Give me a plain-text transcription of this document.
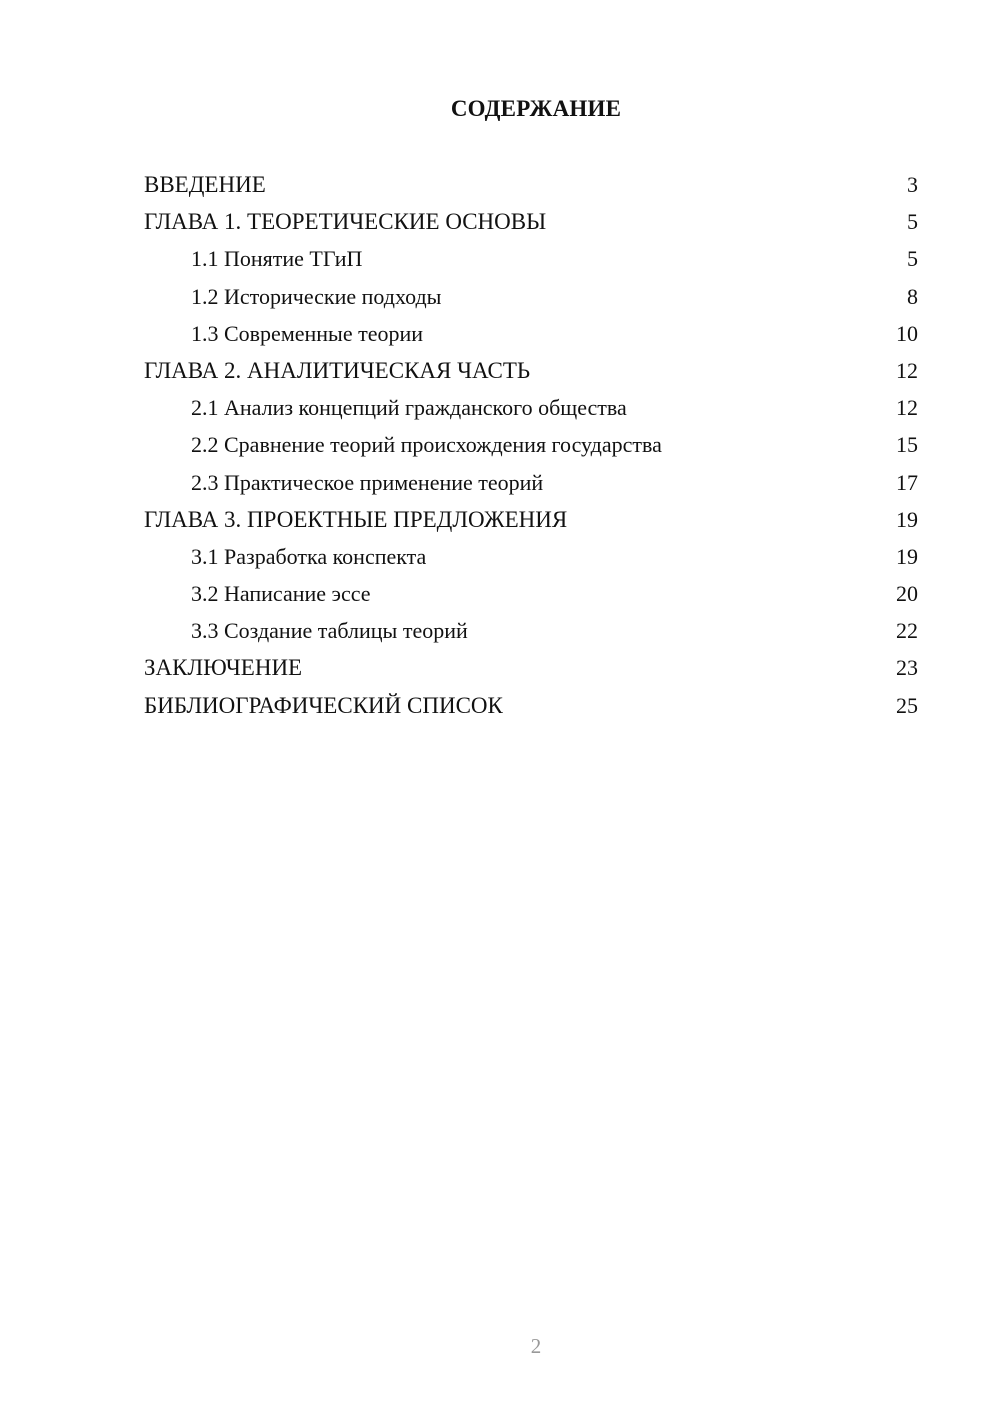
СОДЕРЖАНИЕ
ВВЕДЕНИЕ	3
ГЛАВА 1. ТЕОРЕТИЧЕСКИЕ ОСНОВЫ	5
1.1 Понятие ТГиП	5
1.2 Исторические подходы	8
1.3 Современные теории	10
ГЛАВА 2. АНАЛИТИЧЕСКАЯ ЧАСТЬ	12
2.1 Анализ концепций гражданского общества	12
2.2 Сравнение теорий происхождения государства	15
2.3 Практическое применение теорий	17
ГЛАВА 3. ПРОЕКТНЫЕ ПРЕДЛОЖЕНИЯ	19
3.1 Разработка конспекта	19
3.2 Написание эссе	20
3.3 Создание таблицы теорий	22
ЗАКЛЮЧЕНИЕ	23
БИБЛИОГРАФИЧЕСКИЙ СПИСОК	25
2
